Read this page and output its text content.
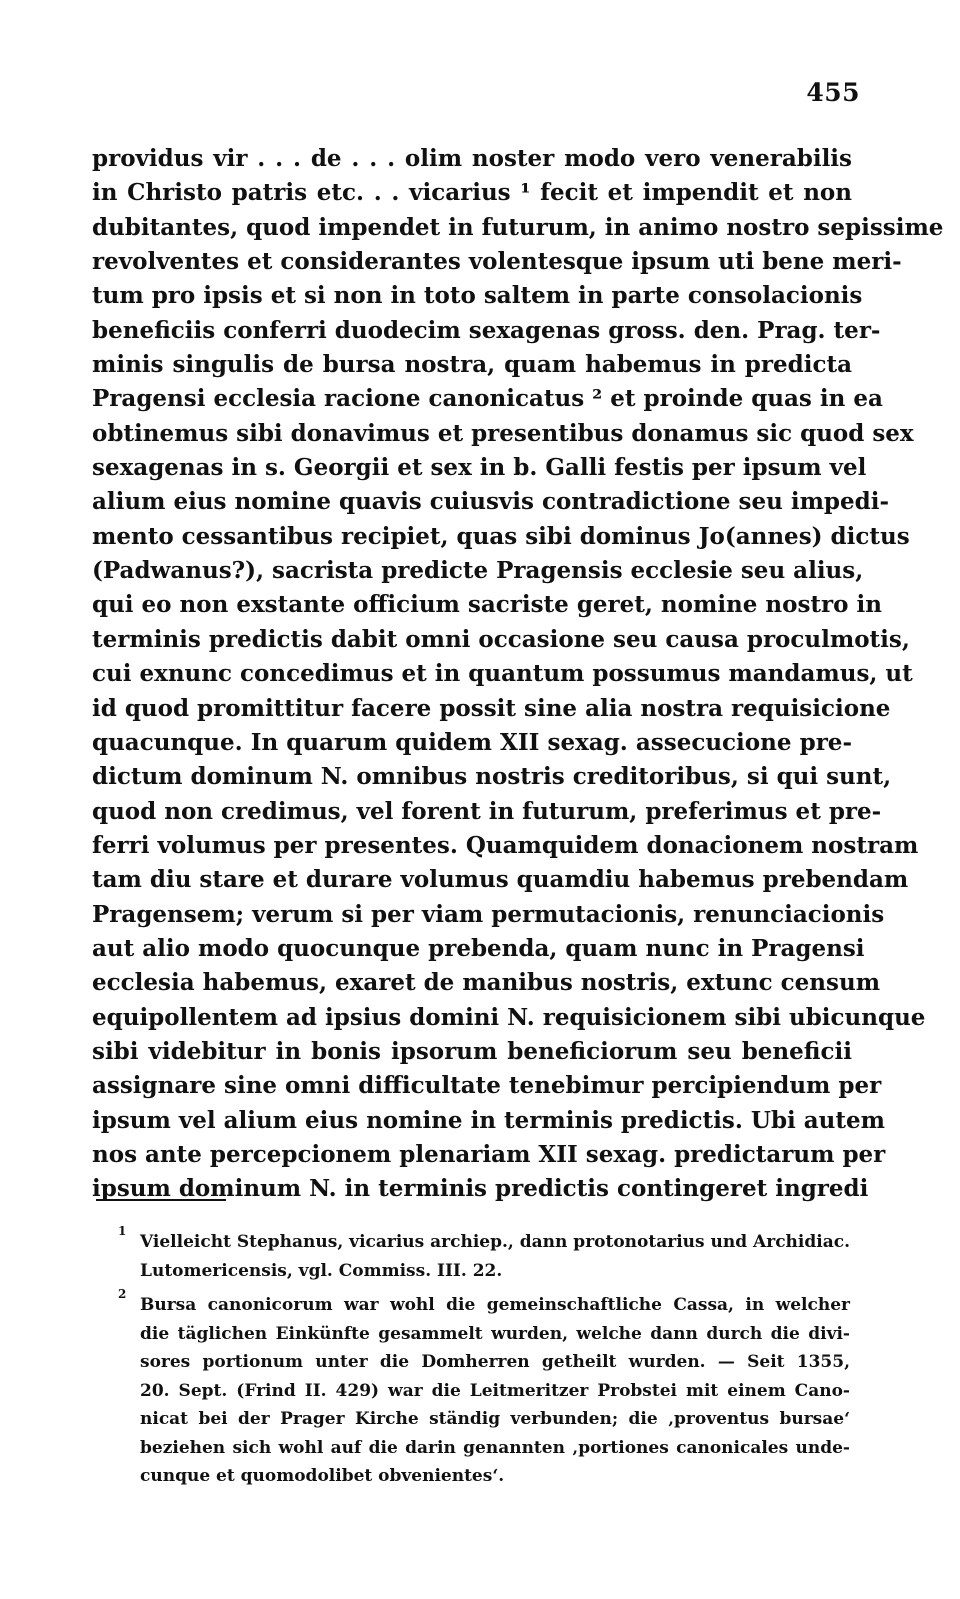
455
providus vir . . . de . . . olim noster modo vero venerabilis
in Christo patris etc. . . vicarius ¹ fecit et impendit et non
dubitantes, quod impendet in futurum, in animo nostro sepissime
revolventes et considerantes volentesque ipsum uti bene meri-
tum pro ipsis et si non in toto saltem in parte consolacionis
beneficiis conferri duodecim sexagenas gross. den. Prag. ter-
minis singulis de bursa nostra, quam habemus in predicta
Pragensi ecclesia racione canonicatus ² et proinde quas in ea
obtinemus sibi donavimus et presentibus donamus sic quod sex
sexagenas in s. Georgii et sex in b. Galli festis per ipsum vel
alium eius nomine quavis cuiusvis contradictione seu impedi-
mento cessantibus recipiet, quas sibi dominus Jo(annes) dictus
(Padwanus?), sacrista predicte Pragensis ecclesie seu alius,
qui eo non exstante officium sacriste geret, nomine nostro in
terminis predictis dabit omni occasione seu causa proculmotis,
cui exnunc concedimus et in quantum possumus mandamus, ut
id quod promittitur facere possit sine alia nostra requisicione
quacunque. In quarum quidem XII sexag. assecucione pre-
dictum dominum N. omnibus nostris creditoribus, si qui sunt,
quod non credimus, vel forent in futurum, preferimus et pre-
ferri volumus per presentes. Quamquidem donacionem nostram
tam diu stare et durare volumus quamdiu habemus prebendam
Pragensem; verum si per viam permutacionis, renunciacionis
aut alio modo quocunque prebenda, quam nunc in Pragensi
ecclesia habemus, exaret de manibus nostris, extunc censum
equipollentem ad ipsius domini N. requisicionem sibi ubicunque
sibi videbitur in bonis ipsorum beneficiorum seu beneficii
assignare sine omni difficultate tenebimur percipiendum per
ipsum vel alium eius nomine in terminis predictis. Ubi autem
nos ante percepcionem plenariam XII sexag. predictarum per
ipsum dominum N. in terminis predictis contingeret ingredi
1
Vielleicht Stephanus, vicarius archiep., dann protonotarius und Archidiac.
Lutomericensis, vgl. Commiss. III. 22.
2
Bursa canonicorum war wohl die gemeinschaftliche Cassa, in welcher
die täglichen Einkünfte gesammelt wurden, welche dann durch die divi-
sores portionum unter die Domherren getheilt wurden. — Seit 1355,
20. Sept. (Frind II. 429) war die Leitmeritzer Probstei mit einem Cano-
nicat bei der Prager Kirche ständig verbunden; die ‚proventus bursae‘
beziehen sich wohl auf die darin genannten ‚portiones canonicales unde-
cunque et quomodolibet obvenientes‘.
